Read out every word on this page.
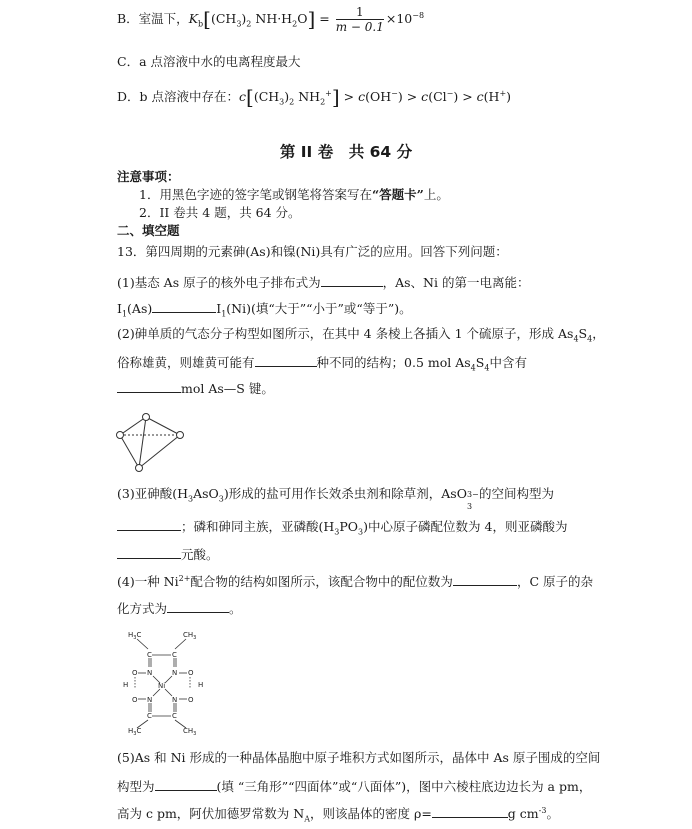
B．室温下，$K_b[(CH_3)_2$ $NH\cdot H_2O] = \frac{1}{m - 0.1} \times 10^{-8}$
C．a 点溶液中水的电离程度最大
D．b 点溶液中存在：$c[(CH_3)_2$ $NH_2^+] > c(OH^-) > c(Cl^-) > c(H^+)$
第 II 卷　共 64 分
注意事项：
1．用黑色字迹的签字笔或钢笔将答案写在“答题卡”上。
2．II 卷共 4 题，共 64 分。
二、填空题
13．第四周期的元素砷(As)和镍(Ni)具有广泛的应用。回答下列问题：
(1)基态 As 原子的核外电子排布式为	，As、Ni 的第一电离能：
$I_1(As)$	$I_1(Ni)$(填“大于”“小于”或“等于”)。
(2)砷单质的气态分子构型如图所示，在其中 4 条棱上各插入 1 个硫原子，形成 $As_4S_4$，
俗称雄黄，则雄黄可能有	种不同的结构；0.5 mol $As_4S_4$中含有
mol As—S 键。
(3)亚砷酸$(H_3AsO_3)$形成的盐可用作长效杀虫剂和除草剂，AsO 3−
3
的空间构型为
；磷和砷同主族，亚磷酸$(H_3PO_3)$中心原子磷配位数为 4，则亚磷酸为
元酸。
(4)一种 $Ni^{2+}$配合物的结构如图所示，该配合物中的配位数为	，C 原子的杂
化方式为	。
$H_3C$	$CH_3$
C	C
O N	N O
H	H
Ni
O N	N O
C	C
$H_3C$	$CH_3$
(5)As 和 Ni 形成的一种晶体晶胞中原子堆积方式如图所示，晶体中 As 原子围成的空间
构型为	(填 “三角形”“四面体”或“八面体”)，图中六棱柱底边边长为 a pm，
高为 c pm，阿伏加德罗常数为 $N_A$，则该晶体的密度 ρ=	g $cm^{-3}$。
